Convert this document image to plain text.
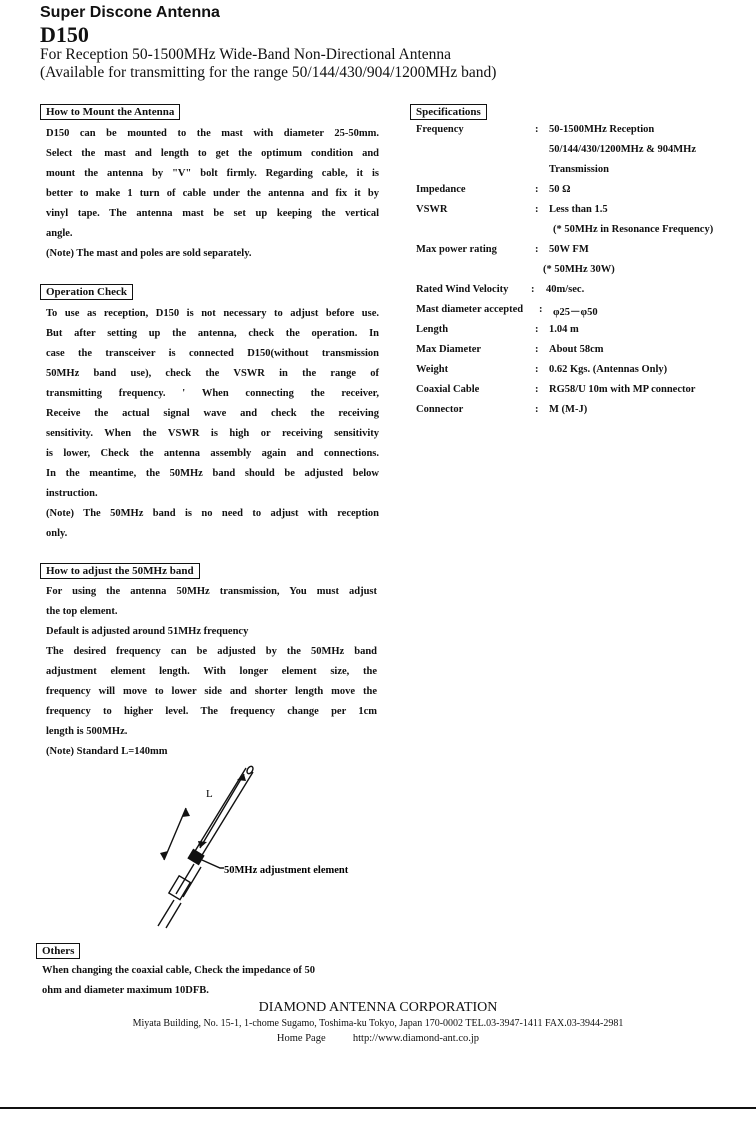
Super Discone Antenna
D150
For Reception 50-1500MHz Wide-Band Non-Directional Antenna
(Available for transmitting for the range 50/144/430/904/1200MHz band)
How to Mount the Antenna
D150 can be mounted to the mast with diameter 25-50mm.
Select the mast and length to get the optimum condition and
mount the antenna by "V" bolt firmly. Regarding cable, it is
better to make 1 turn of cable under the antenna and fix it by
vinyl tape. The antenna mast be set up keeping the vertical
angle.
(Note) The mast and poles are sold separately.
Operation Check
To use as reception, D150 is not necessary to adjust before use.
But after setting up the antenna, check the operation. In
case the transceiver is connected D150(without transmission
50MHz band use), check the VSWR in the range of
transmitting frequency. ' When connecting the receiver,
Receive the actual signal wave and check the receiving
sensitivity. When the VSWR is high or receiving sensitivity
is lower, Check the antenna assembly again and connections.
In the meantime, the 50MHz band should be adjusted below
instruction.
(Note) The 50MHz band is no need to adjust with reception
only.
How to adjust the 50MHz band
For using the antenna 50MHz transmission, You must adjust
the top element.
Default is adjusted around 51MHz frequency
The desired frequency can be adjusted by the 50MHz band
adjustment element length. With longer element size, the
frequency will move to lower side and shorter length move the
frequency to higher level. The frequency change per 1cm
length is 500MHz.
(Note) Standard L=140mm
L
50MHz adjustment element
Others
When changing the coaxial cable, Check the impedance of 50
ohm and diameter maximum 10DFB.
Specifications
Frequency	: 50-1500MHz Reception
50/144/430/1200MHz & 904MHz
Transmission
Impedance	: 50 Ω
VSWR	: Less than 1.5
(* 50MHz in Resonance Frequency)
Max power rating	: 50W FM
(* 50MHz 30W)
Rated Wind Velocity : 40m/sec.
Mast diameter accepted : φ25－φ50
Length	: 1.04 m
Max Diameter	: About 58cm
Weight	: 0.62 Kgs. (Antennas Only)
Coaxial Cable	: RG58/U 10m with MP connector
Connector	: M (M-J)
DIAMOND ANTENNA CORPORATION
Miyata Building, No. 15-1, 1-chome Sugamo, Toshima-ku Tokyo, Japan 170-0002 TEL.03-3947-1411 FAX.03-3944-2981
Home Page	http://www.diamond-ant.co.jp
